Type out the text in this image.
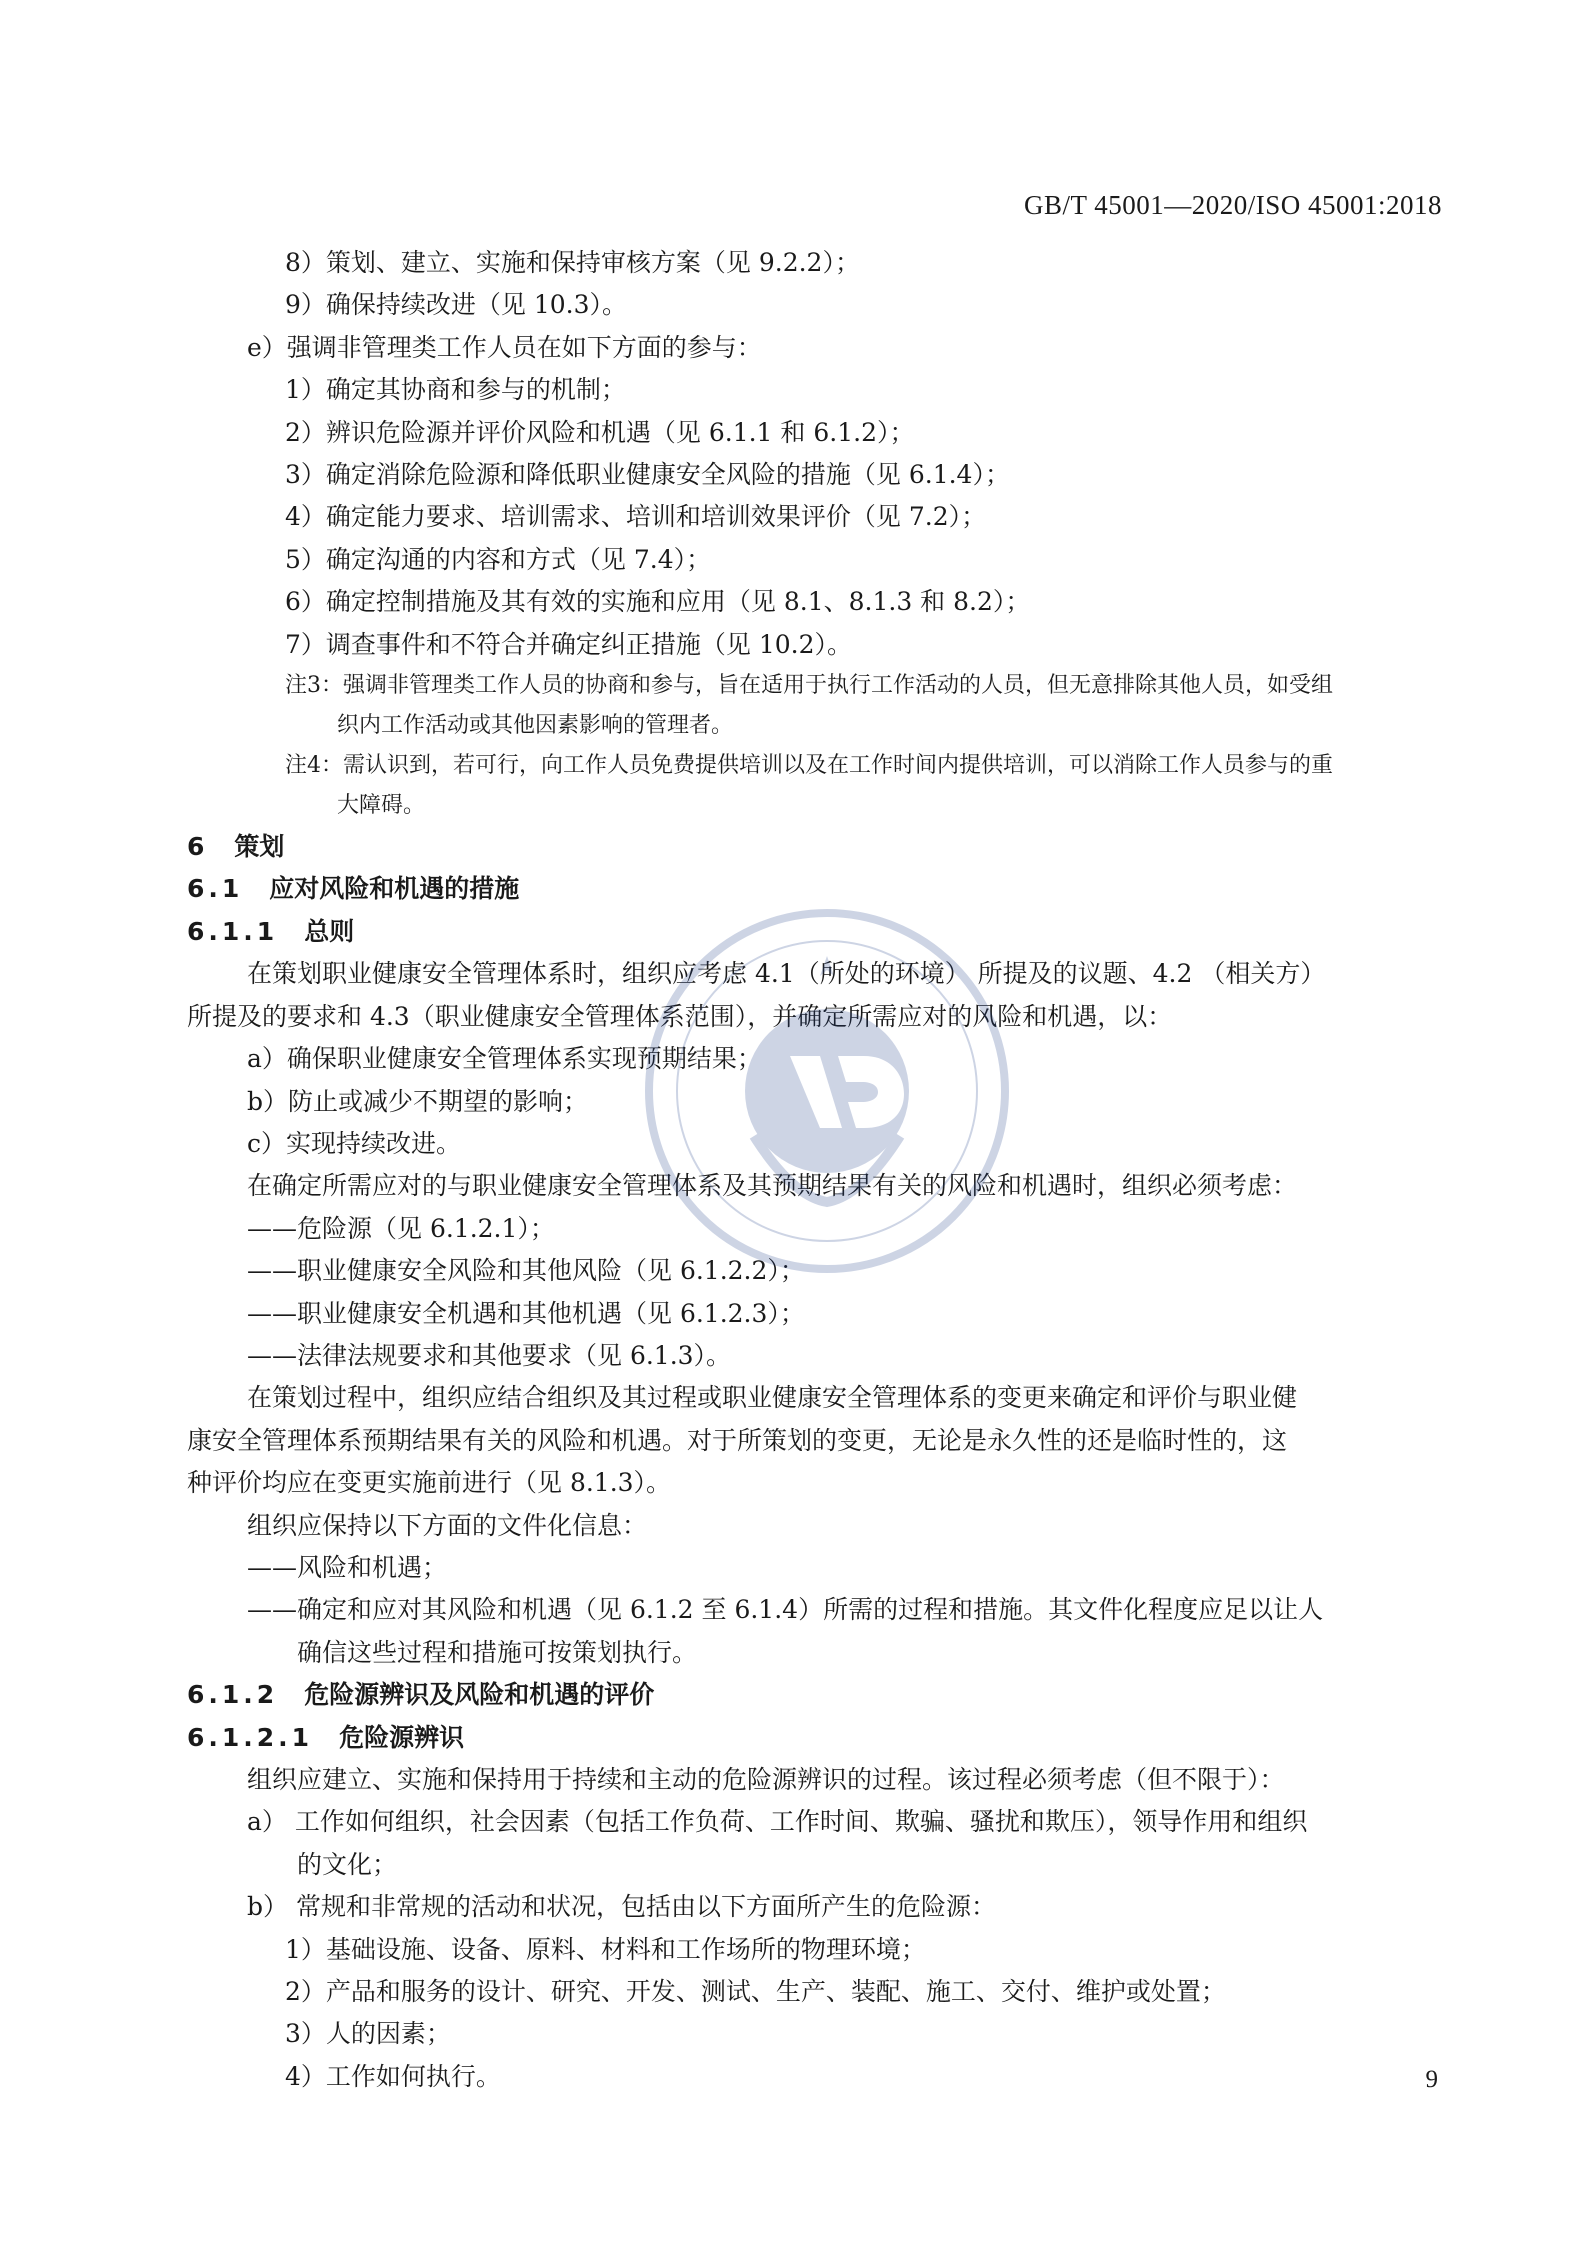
GB/T 45001—2020/ISO 45001:2018
8）策划、建立、实施和保持审核方案（见 9.2.2）；
9）确保持续改进（见 10.3）。
e）强调非管理类工作人员在如下方面的参与：
1）确定其协商和参与的机制；
2）辨识危险源并评价风险和机遇（见 6.1.1 和 6.1.2）；
3）确定消除危险源和降低职业健康安全风险的措施（见 6.1.4）；
4）确定能力要求、培训需求、培训和培训效果评价（见 7.2）；
5）确定沟通的内容和方式（见 7.4）；
6）确定控制措施及其有效的实施和应用（见 8.1、8.1.3 和 8.2）；
7）调查事件和不符合并确定纠正措施（见 10.2）。
注3：强调非管理类工作人员的协商和参与，旨在适用于执行工作活动的人员，但无意排除其他人员，如受组
织内工作活动或其他因素影响的管理者。
注4：需认识到，若可行，向工作人员免费提供培训以及在工作时间内提供培训，可以消除工作人员参与的重
大障碍。
6 策划
6.1 应对风险和机遇的措施
6.1.1 总则
在策划职业健康安全管理体系时，组织应考虑 4.1（所处的环境） 所提及的议题、4.2 （相关方）
所提及的要求和 4.3（职业健康安全管理体系范围），并确定所需应对的风险和机遇，以：
a）确保职业健康安全管理体系实现预期结果；
b）防止或减少不期望的影响；
c）实现持续改进。
在确定所需应对的与职业健康安全管理体系及其预期结果有关的风险和机遇时，组织必须考虑：
——危险源（见 6.1.2.1）；
——职业健康安全风险和其他风险（见 6.1.2.2）；
——职业健康安全机遇和其他机遇（见 6.1.2.3）；
——法律法规要求和其他要求（见 6.1.3）。
在策划过程中，组织应结合组织及其过程或职业健康安全管理体系的变更来确定和评价与职业健
康安全管理体系预期结果有关的风险和机遇。对于所策划的变更，无论是永久性的还是临时性的，这
种评价均应在变更实施前进行（见 8.1.3）。
组织应保持以下方面的文件化信息：
——风险和机遇；
——确定和应对其风险和机遇（见 6.1.2 至 6.1.4）所需的过程和措施。其文件化程度应足以让人
确信这些过程和措施可按策划执行。
6.1.2 危险源辨识及风险和机遇的评价
6.1.2.1 危险源辨识
组织应建立、实施和保持用于持续和主动的危险源辨识的过程。该过程必须考虑（但不限于）：
a） 工作如何组织，社会因素（包括工作负荷、工作时间、欺骗、骚扰和欺压），领导作用和组织
的文化；
b） 常规和非常规的活动和状况，包括由以下方面所产生的危险源：
1）基础设施、设备、原料、材料和工作场所的物理环境；
2）产品和服务的设计、研究、开发、测试、生产、装配、施工、交付、维护或处置；
3）人的因素；
4）工作如何执行。	9
